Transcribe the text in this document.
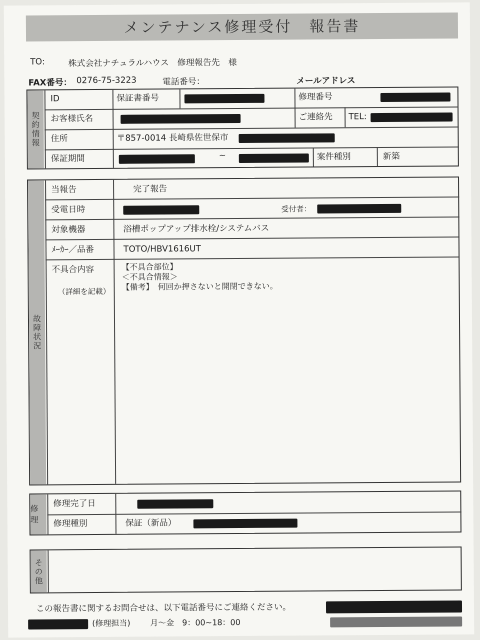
メンテナンス修理受付　報告書
TO:	株式会社ナチュラルハウス　修理報告先　様
FAX番号： 0276-75-3223	電話番号：	メールアドレス
契約情報
ID	保証書番号	修理番号
お客様氏名	ご連絡先 TEL:
住所	〒857-0014 長崎県佐世保市
保証期間	~	案件種別	新築
故障状況
当報告	完了報告
受電日時	受付者：
対象機器	浴槽ポップアップ排水栓/システムバス
ﾒｰｶｰ／品番	TOTO/HBV1616UT
不具合内容
（詳細を記載）
【不具合部位】
＜不具合情報＞
【備考】　何回か押さないと開閉できない。
修理
修理完了日
修理種別	保証（新品）
その他
この報告書に関するお問合せは、以下電話番号にご連絡ください。
(修理担当) 月～金　9：00~18：00
